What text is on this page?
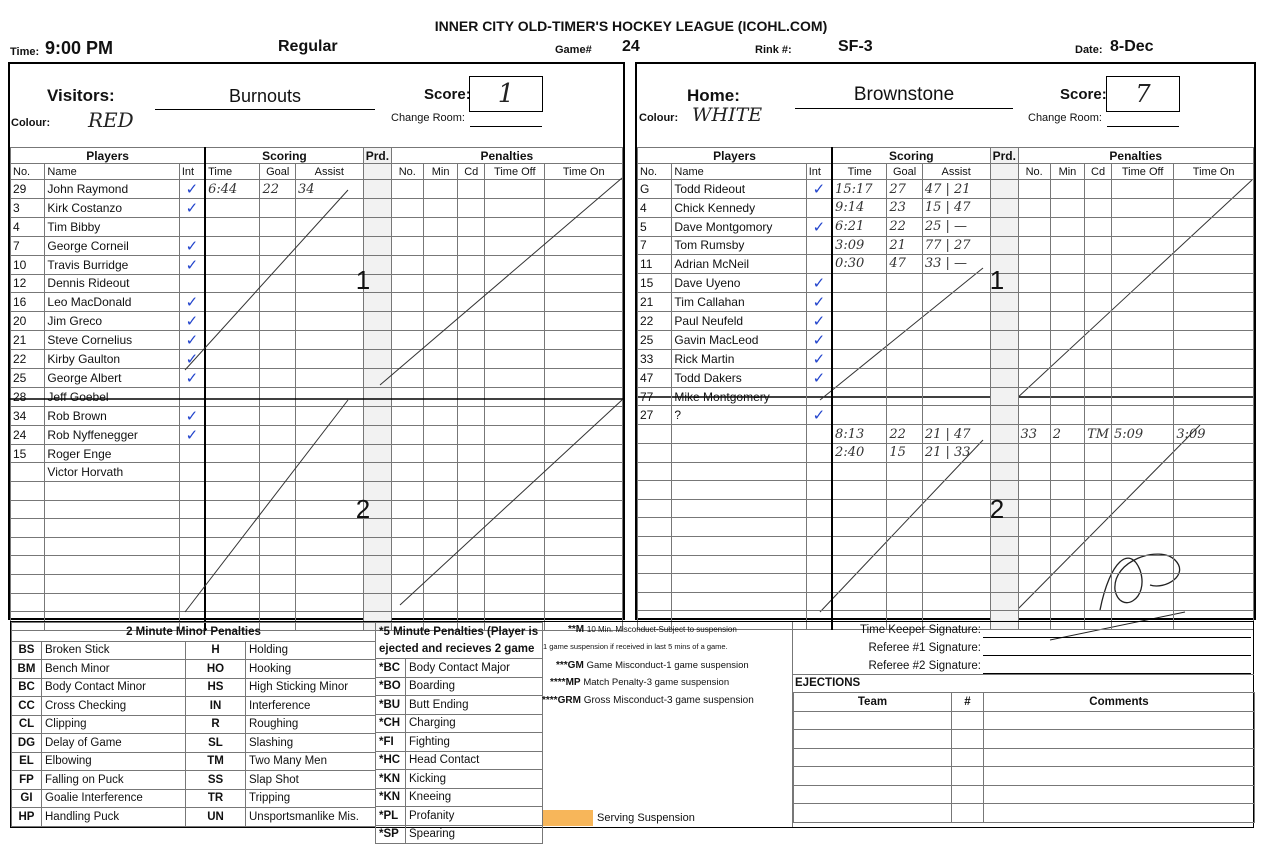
INNER CITY OLD-TIMER'S HOCKEY LEAGUE (ICOHL.COM)
Time: 9:00 PM	Regular	Game# 24	Rink #:	SF-3	Date: 8-Dec
Visitors:
Colour: RED
Burnouts	Score:	1
Change Room:
Players			Scoring			Prd.	Penalties				
No.	Name	Int	Time	Goal	Assist		No.	Min	Cd	Time Off	Time On
29	John Raymond	✓	6:44	22	34						
3	Kirk Costanzo	✓									
4	Tim Bibby										
7	George Corneil	✓									
10	Travis Burridge	✓									
12	Dennis Rideout										
16	Leo MacDonald	✓									
20	Jim Greco	✓									
21	Steve Cornelius	✓									
22	Kirby Gaulton	✓									
25	George Albert	✓									
28	Jeff Goebel										
34	Rob Brown	✓									
24	Rob Nyffenegger	✓									
15	Roger Enge										
	Victor Horvath										

1
2
Home:
Colour: WHITE
Brownstone	Score:	7
Change Room:
Players			Scoring			Prd.	Penalties				
No.	Name	Int	Time	Goal	Assist		No.	Min	Cd	Time Off	Time On
G	Todd Rideout	✓	15:17	27	47 | 21						
4	Chick Kennedy		9:14	23	15 | 47						
5	Dave Montgomory	✓	6:21	22	25 | —						
7	Tom Rumsby		3:09	21	77 | 27						
11	Adrian McNeil		0:30	47	33 | —						
15	Dave Uyeno	✓									
21	Tim Callahan	✓									
22	Paul Neufeld	✓									
25	Gavin MacLeod	✓									
33	Rick Martin	✓									
47	Todd Dakers	✓									
77	Mike Montgomery										
27	?	✓									
			8:13	22	21 | 47		33	2	TM	5:09	3:09
			2:40	15	21 | 33						

1
2
2 Minute Minor Penalties			
BS	Broken Stick	H	Holding
BM	Bench Minor	HO	Hooking
BC	Body Contact Minor	HS	High Sticking Minor
CC	Cross Checking	IN	Interference
CL	Clipping	R	Roughing
DG	Delay of Game	SL	Slashing
EL	Elbowing	TM	Two Many Men
FP	Falling on Puck	SS	Slap Shot
GI	Goalie Interference	TR	Tripping
HP	Handling Puck	UN	Unsportsmanlike Mis.
*5 Minute Penalties (Player is ejected and recieves 2 game	
*BC	Body Contact Major
*BO	Boarding
*BU	Butt Ending
*CH	Charging
*FI	Fighting
*HC	Head Contact
*KN	Kicking
*KN	Kneeing
*PL	Profanity
*SP	Spearing
**M 10 Min. Misconduct-Subject to suspension
1 game suspension if received in last 5 mins of a game.
***GM Game Misconduct-1 game suspension
****MP Match Penalty-3 game suspension
****GRM Gross Misconduct-3 game suspension
Serving Suspension
Time Keeper Signature:
Referee #1 Signature:
Referee #2 Signature:
EJECTIONS
Team	#	Comments
